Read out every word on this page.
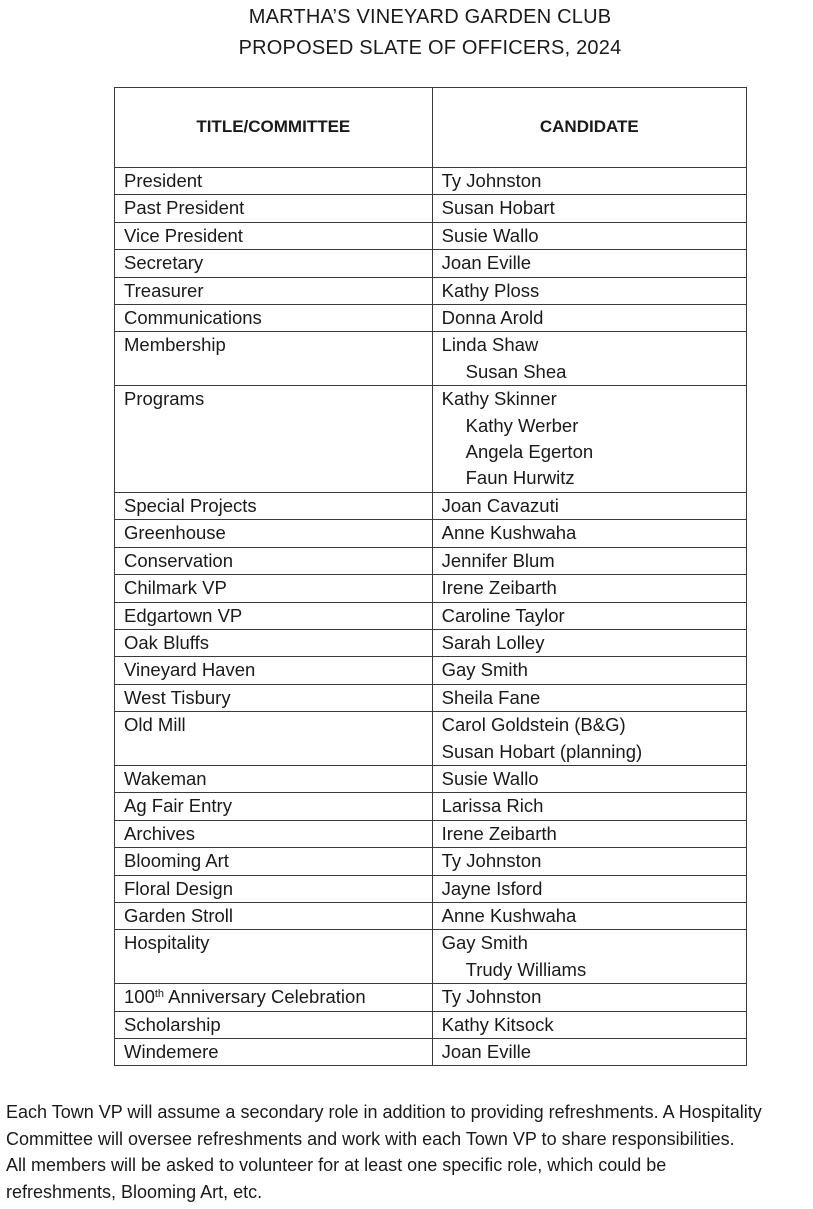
MARTHA’S VINEYARD GARDEN CLUB
PROPOSED SLATE OF OFFICERS, 2024
TITLE/COMMITTEE	CANDIDATE
President	Ty Johnston

Past President	Susan Hobart

Vice President	Susie Wallo

Secretary	Joan Eville

Treasurer	Kathy Ploss

Communications	Donna Arold

Membership	Linda Shaw
Susan Shea

Programs	Kathy Skinner
Kathy Werber
Angela Egerton
Faun Hurwitz

Special Projects	Joan Cavazuti

Greenhouse	Anne Kushwaha

Conservation	Jennifer Blum

Chilmark VP	Irene Zeibarth

Edgartown VP	Caroline Taylor

Oak Bluffs	Sarah Lolley

Vineyard Haven	Gay Smith

West Tisbury	Sheila Fane

Old Mill	Carol Goldstein (B&G)
Susan Hobart (planning)

Wakeman	Susie Wallo

Ag Fair Entry	Larissa Rich

Archives	Irene Zeibarth

Blooming Art	Ty Johnston

Floral Design	Jayne Isford

Garden Stroll	Anne Kushwaha

Hospitality	Gay Smith
Trudy Williams

100th Anniversary Celebration	Ty Johnston

Scholarship	Kathy Kitsock

Windemere	Joan Eville
Each Town VP will assume a secondary role in addition to providing refreshments. A Hospitality
Committee will oversee refreshments and work with each Town VP to share responsibilities.
All members will be asked to volunteer for at least one specific role, which could be
refreshments, Blooming Art, etc.
